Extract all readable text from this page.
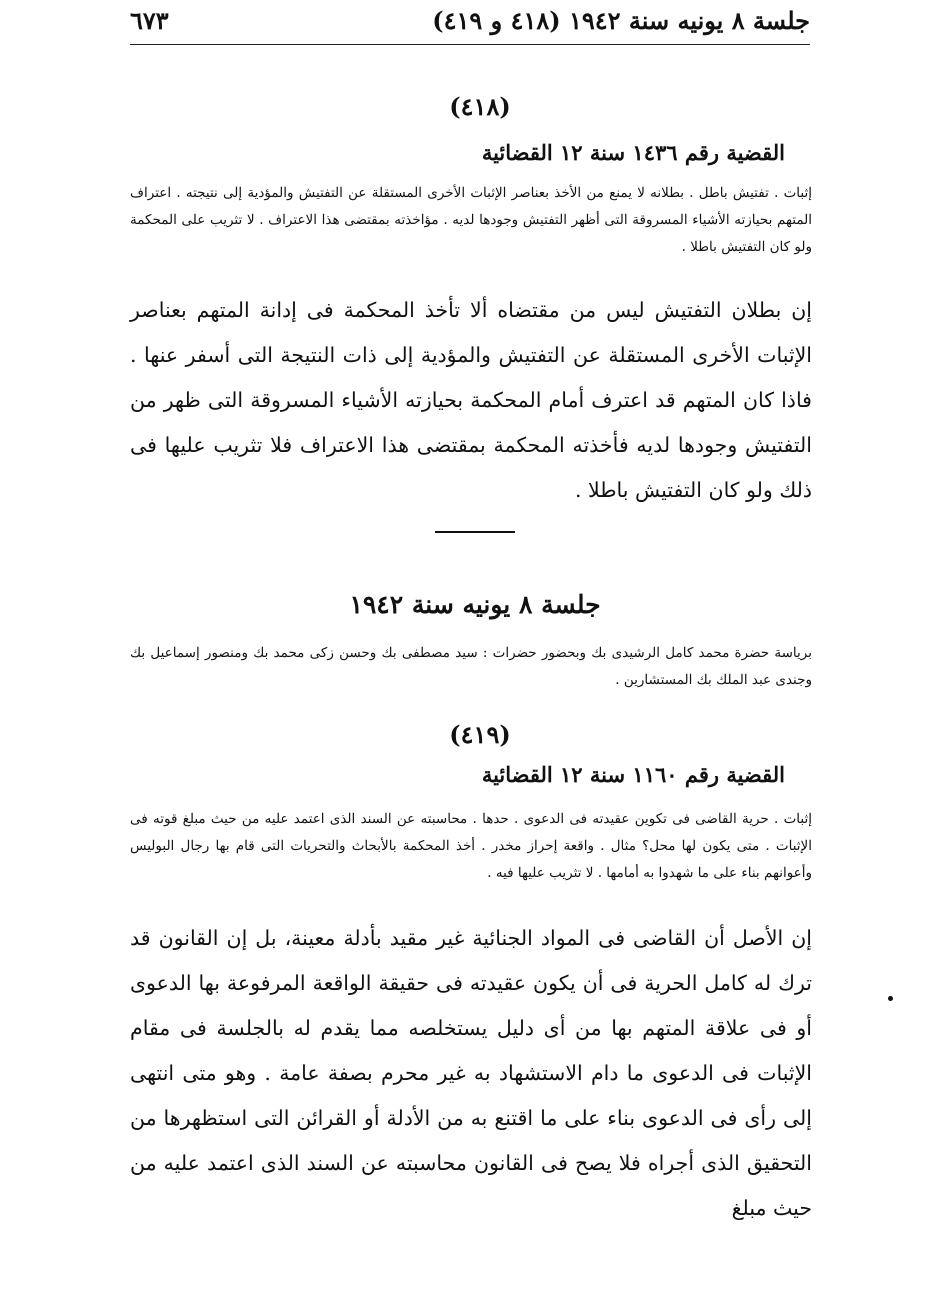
جلسة ٨ يونيه سنة ١٩٤٢ (٤١٨ و ٤١٩)
٦٧٣
(٤١٨)
القضية رقم ١٤٣٦ سنة ١٢ القضائية
إثبات . تفتيش باطل . بطلانه لا يمنع من الأخذ بعناصر الإثبات الأخرى المستقلة عن التفتيش والمؤدية إلى نتيجته . اعتراف المتهم بحيازته الأشياء المسروقة التى أظهر التفتيش وجودها لديه . مؤاخذته بمقتضى هذا الاعتراف . لا تثريب على المحكمة ولو كان التفتيش باطلا .
إن بطلان التفتيش ليس من مقتضاه ألا تأخذ المحكمة فى إدانة المتهم بعناصر الإثبات الأخرى المستقلة عن التفتيش والمؤدية إلى ذات النتيجة التى أسفر عنها . فاذا كان المتهم قد اعترف أمام المحكمة بحيازته الأشياء المسروقة التى ظهر من التفتيش وجودها لديه فأخذته المحكمة بمقتضى هذا الاعتراف فلا تثريب عليها فى ذلك ولو كان التفتيش باطلا .
جلسة ٨ يونيه سنة ١٩٤٢
برياسة حضرة محمد كامل الرشيدى بك وبحضور حضرات : سيد مصطفى بك وحسن زكى محمد بك ومنصور إسماعيل بك وجندى عبد الملك بك المستشارين .
(٤١٩)
القضية رقم ١١٦٠ سنة ١٢ القضائية
إثبات . حرية القاضى فى تكوين عقيدته فى الدعوى . حدها . محاسبته عن السند الذى اعتمد عليه من حيث مبلغ قوته فى الإثبات . متى يكون لها محل؟ مثال . واقعة إحراز مخدر . أخذ المحكمة بالأبحاث والتحريات التى قام بها رجال البوليس وأعوانهم بناء على ما شهدوا به أمامها . لا تثريب عليها فيه .
إن الأصل أن القاضى فى المواد الجنائية غير مقيد بأدلة معينة، بل إن القانون قد ترك له كامل الحرية فى أن يكون عقيدته فى حقيقة الواقعة المرفوعة بها الدعوى أو فى علاقة المتهم بها من أى دليل يستخلصه مما يقدم له بالجلسة فى مقام الإثبات فى الدعوى ما دام الاستشهاد به غير محرم بصفة عامة . وهو متى انتهى إلى رأى فى الدعوى بناء على ما اقتنع به من الأدلة أو القرائن التى استظهرها من التحقيق الذى أجراه فلا يصح فى القانون محاسبته عن السند الذى اعتمد عليه من حيث مبلغ
